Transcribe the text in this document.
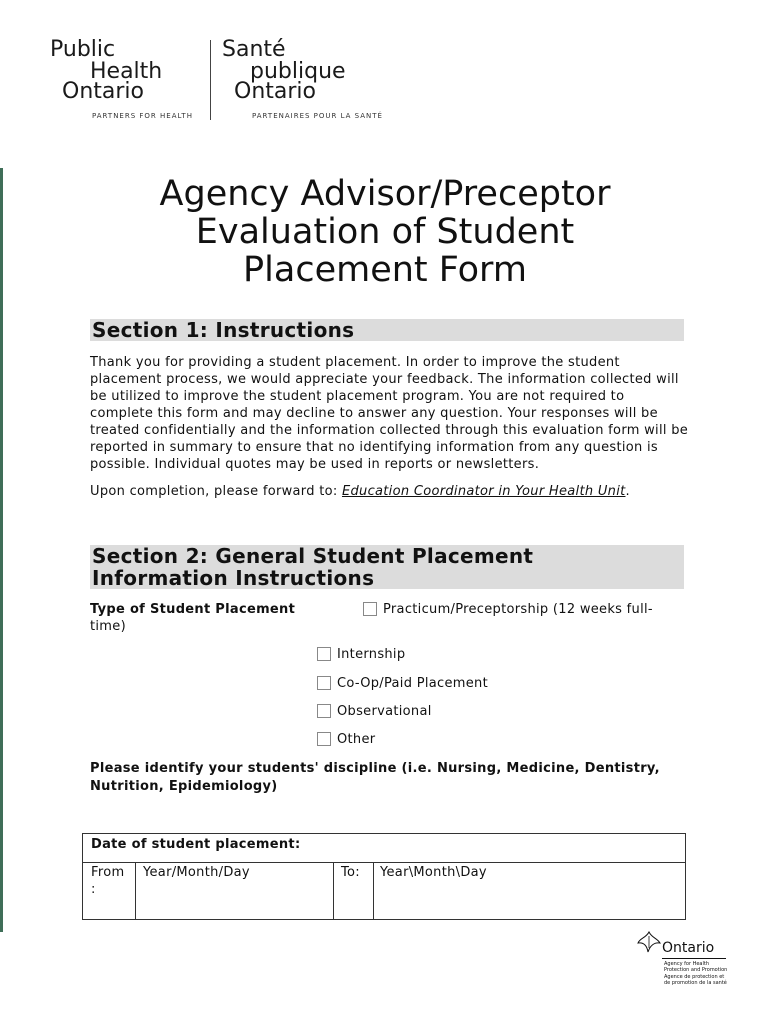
Public
Health
Ontario
PARTNERS FOR HEALTH
Santé
publique
Ontario
PARTENAIRES POUR LA SANTÉ
Agency Advisor/Preceptor
Evaluation of Student
Placement Form
Section 1: Instructions

Thank you for providing a student placement. In order to improve the student placement process, we would appreciate your feedback. The information collected will be utilized to improve the student placement program. You are not required to complete this form and may decline to answer any question. Your responses will be treated confidentially and the information collected through this evaluation form will be reported in summary to ensure that no identifying information from any question is possible. Individual quotes may be used in reports or newsletters.

Upon completion, please forward to: Education Coordinator in Your Health Unit.

Section 2: General Student Placement
Information Instructions
Type of Student Placement
time)
Practicum/Preceptorship (12 weeks full-
Internship
Co-Op/Paid Placement
Observational
Other

Please identify your students' discipline (i.e. Nursing, Medicine, Dentistry, Nutrition, Epidemiology)

Date of student placement:
From
:
Year/Month/Day	To: Year\Month\Day
Ontario
Agency for Health
Protection and Promotion
Agence de protection et
de promotion de la santé
